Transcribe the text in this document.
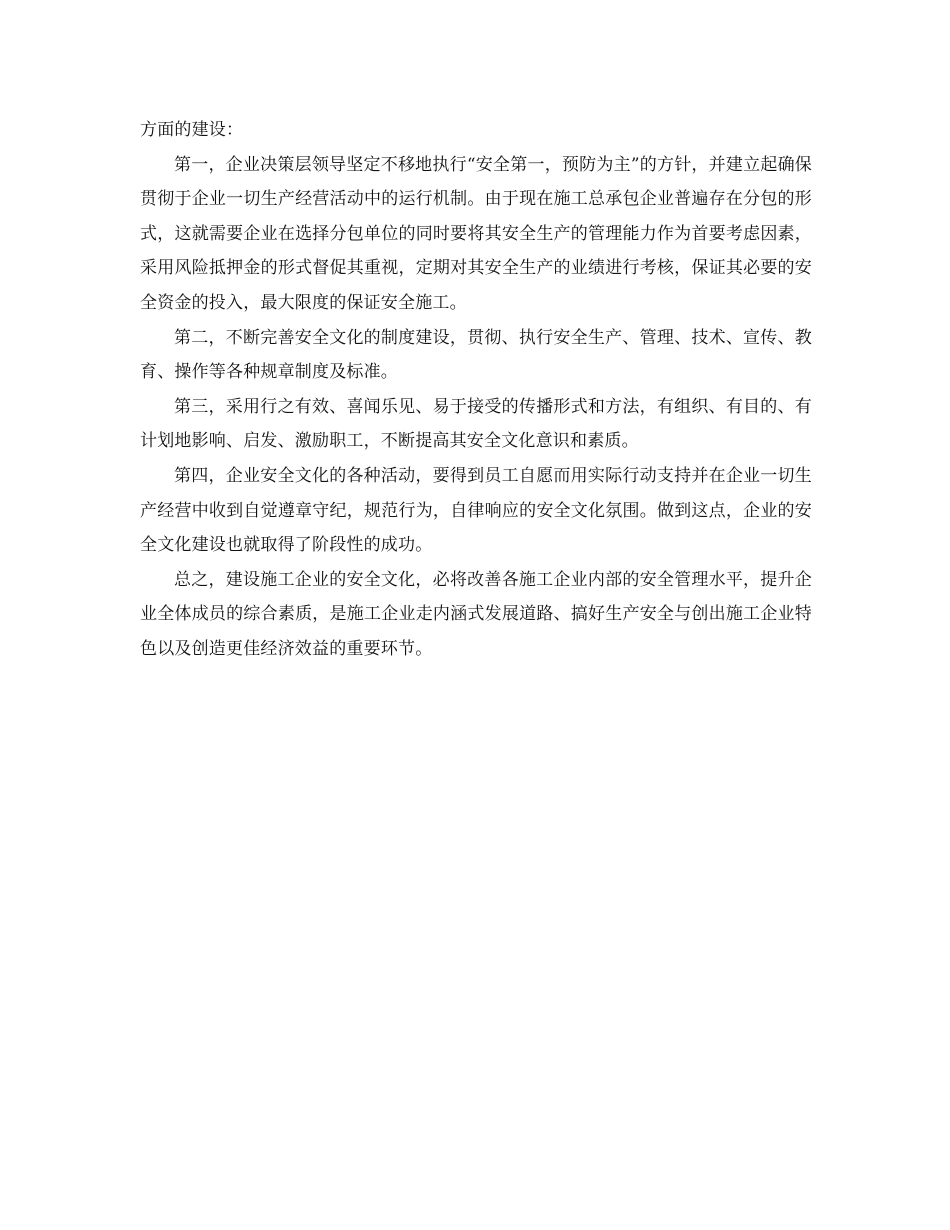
方面的建设：

第一，企业决策层领导坚定不移地执行“安全第一，预防为主”的方针，并建立起确保贯彻于企业一切生产经营活动中的运行机制。由于现在施工总承包企业普遍存在分包的形式，这就需要企业在选择分包单位的同时要将其安全生产的管理能力作为首要考虑因素，采用风险抵押金的形式督促其重视，定期对其安全生产的业绩进行考核，保证其必要的安全资金的投入，最大限度的保证安全施工。

第二，不断完善安全文化的制度建设，贯彻、执行安全生产、管理、技术、宣传、教育、操作等各种规章制度及标准。

第三，采用行之有效、喜闻乐见、易于接受的传播形式和方法，有组织、有目的、有计划地影响、启发、激励职工，不断提高其安全文化意识和素质。

第四，企业安全文化的各种活动，要得到员工自愿而用实际行动支持并在企业一切生产经营中收到自觉遵章守纪，规范行为，自律响应的安全文化氛围。做到这点，企业的安全文化建设也就取得了阶段性的成功。

总之，建设施工企业的安全文化，必将改善各施工企业内部的安全管理水平，提升企业全体成员的综合素质，是施工企业走内涵式发展道路、搞好生产安全与创出施工企业特色以及创造更佳经济效益的重要环节。
